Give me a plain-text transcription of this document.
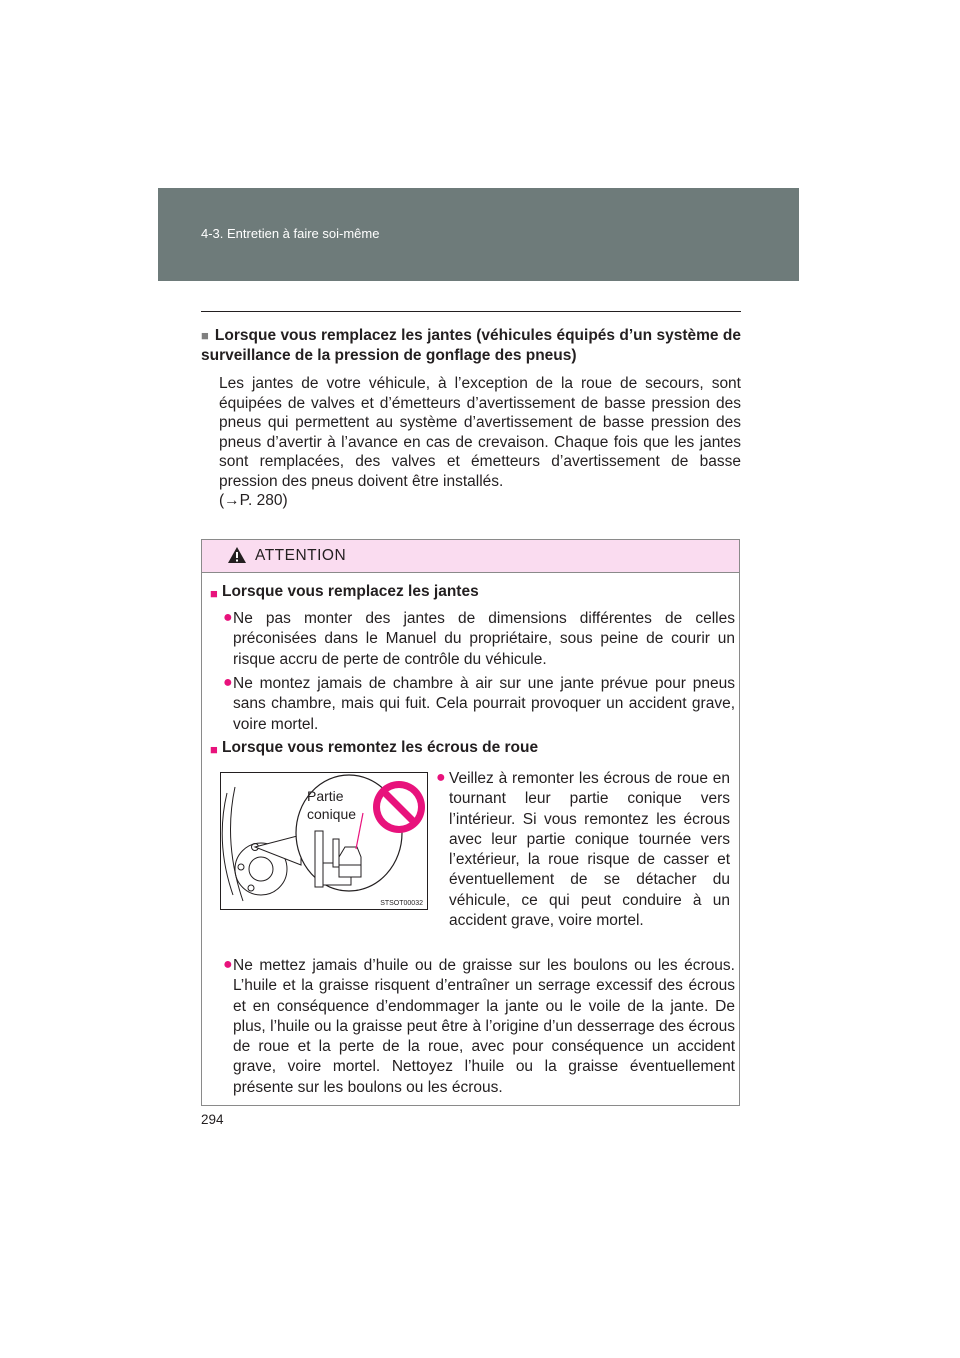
4-3. Entretien à faire soi-même
■ Lorsque vous remplacez les jantes (véhicules équipés d’un système de surveillance de la pression de gonflage des pneus)
Les jantes de votre véhicule, à l’exception de la roue de secours, sont équipées de valves et d’émetteurs d’avertissement de basse pression des pneus qui permettent au système d’avertissement de basse pression des pneus d’avertir à l’avance en cas de crevaison. Chaque fois que les jantes sont remplacées, des valves et émetteurs d’avertissement de basse pression des pneus doivent être installés.
(→P. 280)
ATTENTION
■ Lorsque vous remplacez les jantes
● Ne pas monter des jantes de dimensions différentes de celles préconisées dans le Manuel du propriétaire, sous peine de courir un risque accru de perte de contrôle du véhicule.
● Ne montez jamais de chambre à air sur une jante prévue pour pneus sans chambre, mais qui fuit. Cela pourrait provoquer un accident grave, voire mortel.
■ Lorsque vous remontez les écrous de roue
● Veillez à remonter les écrous de roue en tournant leur partie conique vers l’intérieur. Si vous remontez les écrous avec leur partie conique tournée vers l’extérieur, la roue risque de casser et éventuellement de se détacher du véhicule, ce qui peut conduire à un accident grave, voire mortel.
● Ne mettez jamais d’huile ou de graisse sur les boulons ou les écrous. L’huile et la graisse risquent d’entraîner un serrage excessif des écrous et en conséquence d’endommager la jante ou le voile de la jante. De plus, l’huile ou la graisse peut être à l’origine d’un desserrage des écrous de roue et la perte de la roue, avec pour conséquence un accident grave, voire mortel. Nettoyez l’huile ou la graisse éventuellement présente sur les boulons ou les écrous.
Partie
conique
STSOT00032
294
